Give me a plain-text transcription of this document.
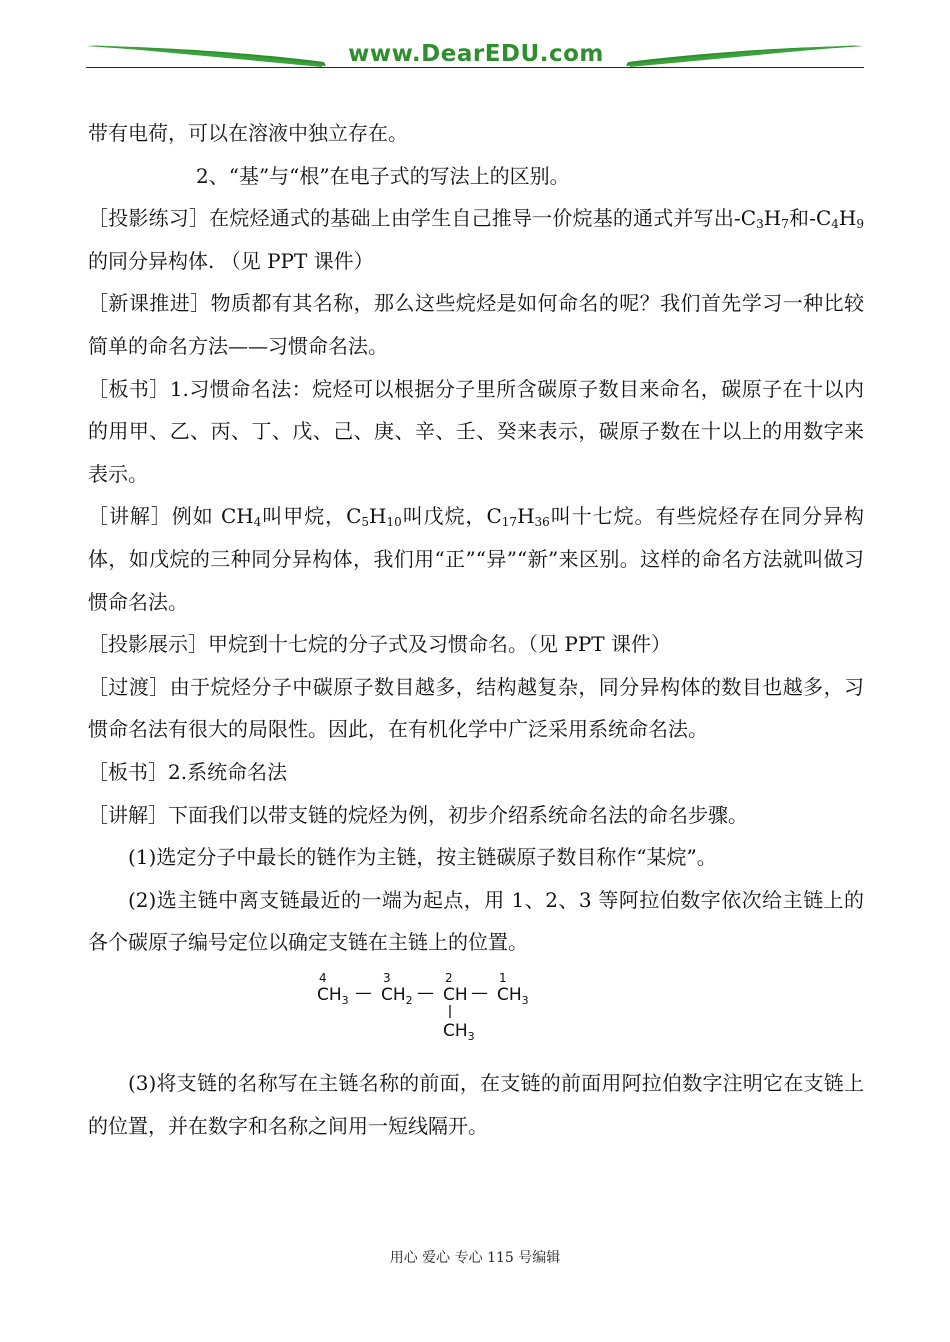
www.DearEDU.com

带有电荷，可以在溶液中独立存在。

2、“基”与“根”在电子式的写法上的区别。

［投影练习］在烷烃通式的基础上由学生自己推导一价烷基的通式并写出$-C_3H_7$和$-C_4H_9$的同分异构体. （见 PPT 课件）

［新课推进］物质都有其名称，那么这些烷烃是如何命名的呢？我们首先学习一种比较简单的命名方法——习惯命名法。

［板书］1.习惯命名法：烷烃可以根据分子里所含碳原子数目来命名，碳原子在十以内的用甲、乙、丙、丁、戊、己、庚、辛、壬、癸来表示，碳原子数在十以上的用数字来表示。

［讲解］例如 $CH_4$叫甲烷，$C_5H_{10}$叫戊烷，$C_{17}H_{36}$叫十七烷。有些烷烃存在同分异构体，如戊烷的三种同分异构体，我们用“正”“异”“新”来区别。这样的命名方法就叫做习惯命名法。

［投影展示］甲烷到十七烷的分子式及习惯命名。（见 PPT 课件）

［过渡］由于烷烃分子中碳原子数目越多，结构越复杂，同分异构体的数目也越多，习惯命名法有很大的局限性。因此，在有机化学中广泛采用系统命名法。

［板书］2.系统命名法

［讲解］下面我们以带支链的烷烃为例，初步介绍系统命名法的命名步骤。

(1)选定分子中最长的链作为主链，按主链碳原子数目称作“某烷”。

(2)选主链中离支链最近的一端为起点，用 1、2、3 等阿拉伯数字依次给主链上的各个碳原子编号定位以确定支链在主链上的位置。

4	3	2	1
$CH_3$ — $CH_2$ — CH — $CH_3$
$CH_3$

(3)将支链的名称写在主链名称的前面，在支链的前面用阿拉伯数字注明它在支链上的位置，并在数字和名称之间用一短线隔开。

用心 爱心 专心 115 号编辑
